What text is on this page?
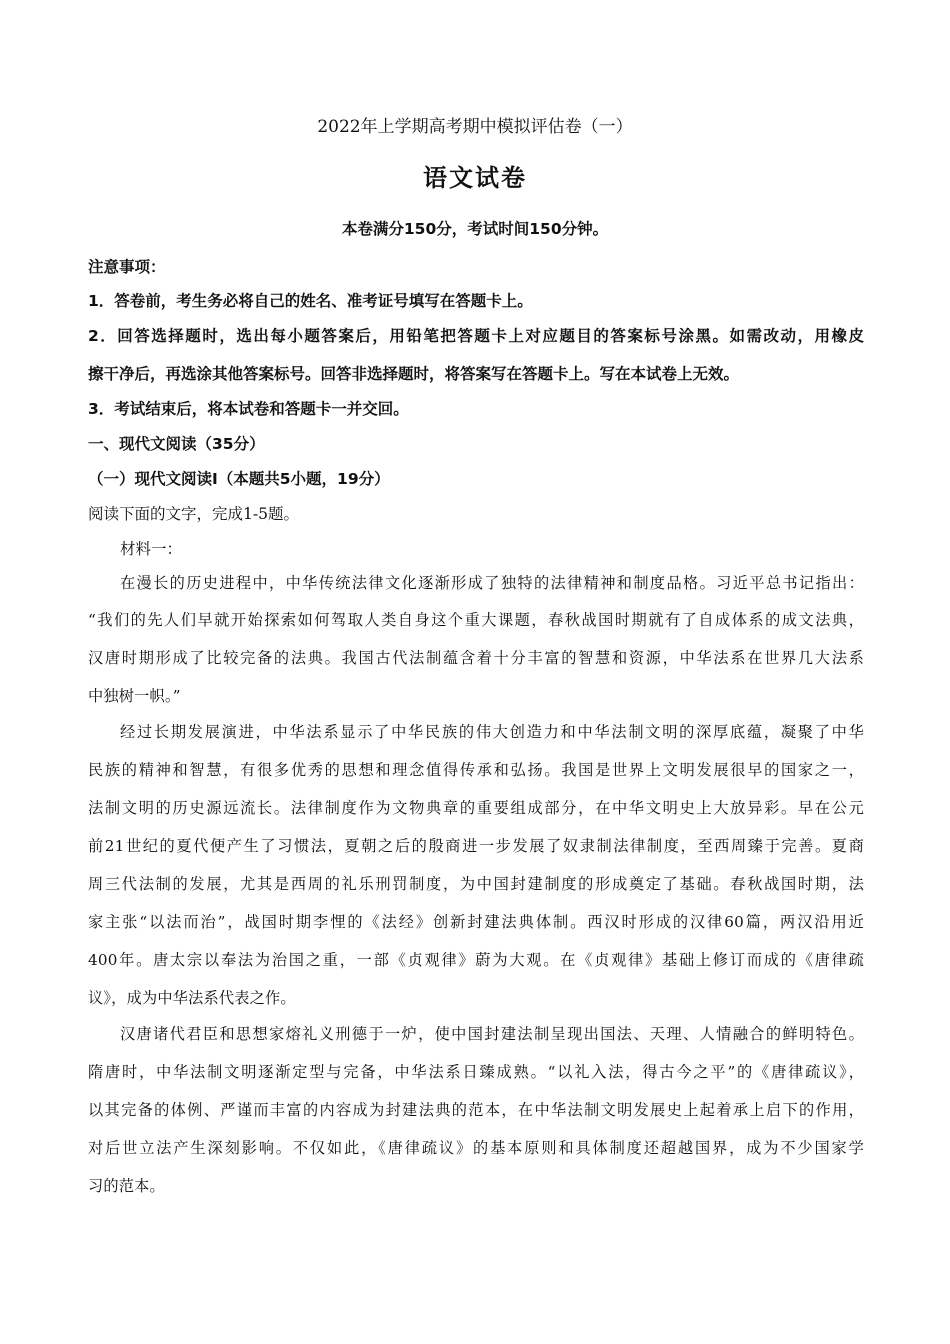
2022年上学期高考期中模拟评估卷（一）
语文试卷
本卷满分150分，考试时间150分钟。
注意事项：
1．答卷前，考生务必将自己的姓名、准考证号填写在答题卡上。
2．回答选择题时，选出每小题答案后，用铅笔把答题卡上对应题目的答案标号涂黑。如需改动，用橡皮
擦干净后，再选涂其他答案标号。回答非选择题时，将答案写在答题卡上。写在本试卷上无效。
3．考试结束后，将本试卷和答题卡一并交回。
一、现代文阅读（35分）
（一）现代文阅读Ⅰ（本题共5小题，19分）
阅读下面的文字，完成1-5题。
材料一：
在漫长的历史进程中，中华传统法律文化逐渐形成了独特的法律精神和制度品格。习近平总书记指出：
“我们的先人们早就开始探索如何驾取人类自身这个重大课题，春秋战国时期就有了自成体系的成文法典，
汉唐时期形成了比较完备的法典。我国古代法制蕴含着十分丰富的智慧和资源，中华法系在世界几大法系
中独树一帜。”
经过长期发展演进，中华法系显示了中华民族的伟大创造力和中华法制文明的深厚底蕴，凝聚了中华
民族的精神和智慧，有很多优秀的思想和理念值得传承和弘扬。我国是世界上文明发展很早的国家之一，
法制文明的历史源远流长。法律制度作为文物典章的重要组成部分，在中华文明史上大放异彩。早在公元
前21世纪的夏代便产生了习惯法，夏朝之后的殷商进一步发展了奴隶制法律制度，至西周臻于完善。夏商
周三代法制的发展，尤其是西周的礼乐刑罚制度，为中国封建制度的形成奠定了基础。春秋战国时期，法
家主张“以法而治”，战国时期李悝的《法经》创新封建法典体制。西汉时形成的汉律60篇，两汉沿用近
400年。唐太宗以奉法为治国之重，一部《贞观律》蔚为大观。在《贞观律》基础上修订而成的《唐律疏
议》，成为中华法系代表之作。
汉唐诸代君臣和思想家熔礼义刑德于一炉，使中国封建法制呈现出国法、天理、人情融合的鲜明特色。
隋唐时，中华法制文明逐渐定型与完备，中华法系日臻成熟。“以礼入法，得古今之平”的《唐律疏议》，
以其完备的体例、严谨而丰富的内容成为封建法典的范本，在中华法制文明发展史上起着承上启下的作用，
对后世立法产生深刻影响。不仅如此，《唐律疏议》的基本原则和具体制度还超越国界，成为不少国家学
习的范本。
